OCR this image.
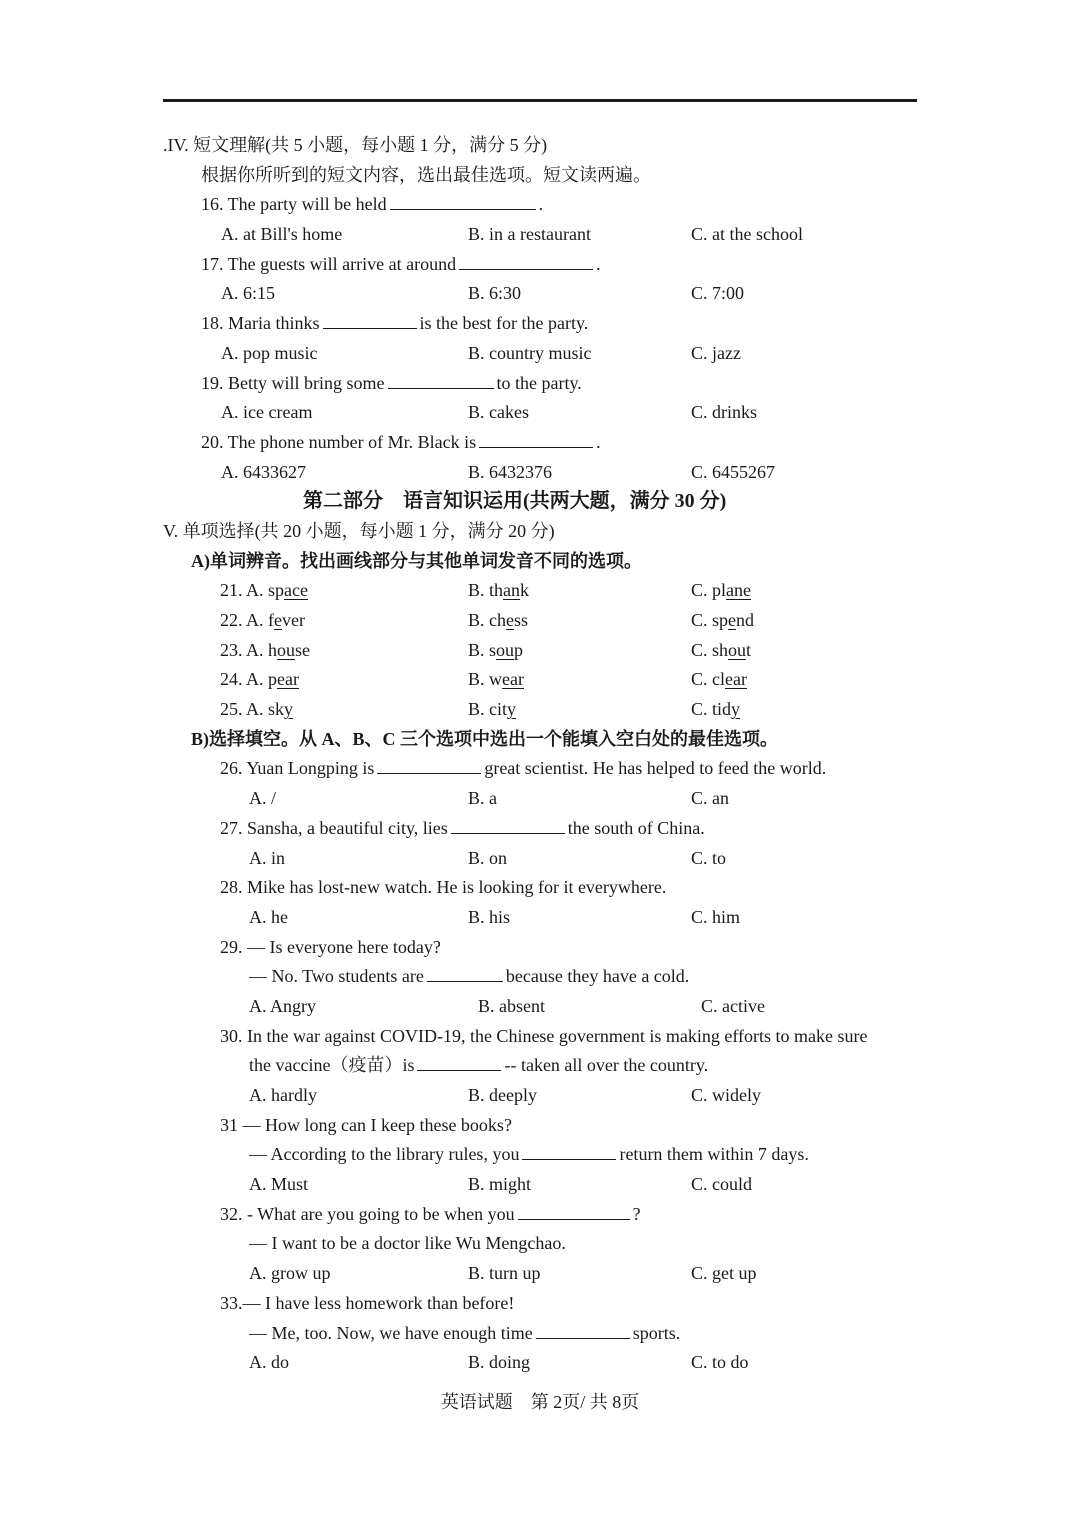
.IV. 短文理解(共 5 小题，每小题 1 分，满分 5 分)
根据你所听到的短文内容，选出最佳选项。短文读两遍。
16. The party will be held	.
A. at Bill's home	B. in a restaurant	C. at the school
17. The guests will arrive at around	.
A. 6:15	B. 6:30	C. 7:00
18. Maria thinks	is the best for the party.
A. pop music	B. country music	C. jazz
19. Betty will bring some	to the party.
A. ice cream	B. cakes	C. drinks
20. The phone number of Mr. Black is	.
A. 6433627	B. 6432376	C. 6455267
第二部分　语言知识运用(共两大题，满分 30 分)
V. 单项选择(共 20 小题，每小题 1 分，满分 20 分)
A)单词辨音。找出画线部分与其他单词发音不同的选项。
21. A. space	B. thank	C. plane
22. A. fever	B. chess	C. spend
23. A. house	B. soup	C. shout
24. A. pear	B. wear	C. clear
25. A. sky	B. city	C. tidy
B)选择填空。从 A、B、C 三个选项中选出一个能填入空白处的最佳选项。
26. Yuan Longping is	great scientist. He has helped to feed the world.
A. /	B. a	C. an
27. Sansha, a beautiful city, lies	the south of China.
A. in	B. on	C. to
28. Mike has lost-new watch. He is looking for it everywhere.
A. he	B. his	C. him
29. — Is everyone here today?
— No. Two students are	because they have a cold.
A. Angry	B. absent	C. active
30. In the war against COVID-19, the Chinese government is making efforts to make sure
the vaccine（疫苗）is	-- taken all over the country.
A. hardly	B. deeply	C. widely
31 — How long can I keep these books?
— According to the library rules, you	return them within 7 days.
A. Must	B. might	C. could
32. - What are you going to be when you	?
— I want to be a doctor like Wu Mengchao.
A. grow up	B. turn up	C. get up
33.— I have less homework than before!
— Me, too. Now, we have enough time	sports.
A. do	B. doing	C. to do
英语试题　第 2页/ 共 8页
